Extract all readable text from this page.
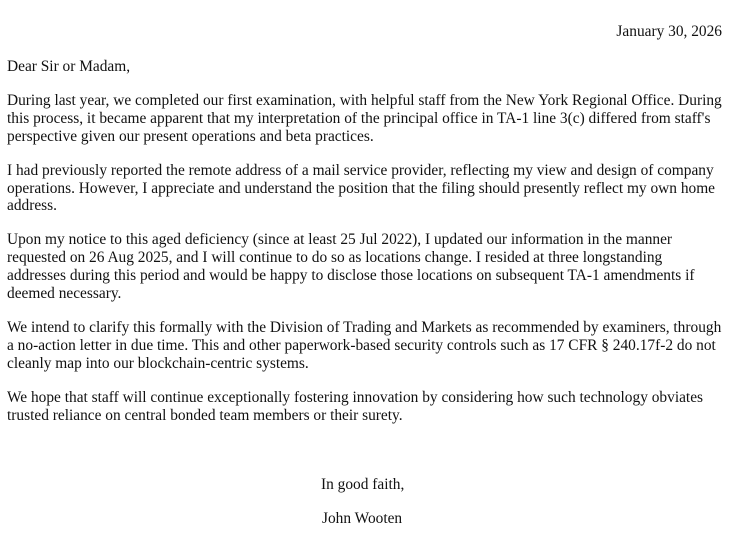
January 30, 2026

Dear Sir or Madam,

During last year, we completed our first examination, with helpful staff from the New York Regional Office. During this process, it became apparent that my interpretation of the principal office in TA-1 line 3(c) differed from staff's perspective given our present operations and beta practices.

I had previously reported the remote address of a mail service provider, reflecting my view and design of company operations. However, I appreciate and understand the position that the filing should presently reflect my own home address.

Upon my notice to this aged deficiency (since at least 25 Jul 2022), I updated our information in the manner requested on 26 Aug 2025, and I will continue to do so as locations change. I resided at three longstanding addresses during this period and would be happy to disclose those locations on subsequent TA-1 amendments if deemed necessary.

We intend to clarify this formally with the Division of Trading and Markets as recommended by examiners, through a no-action letter in due time. This and other paperwork-based security controls such as 17 CFR § 240.17f-2 do not cleanly map into our blockchain-centric systems.

We hope that staff will continue exceptionally fostering innovation by considering how such technology obviates trusted reliance on central bonded team members or their surety.

In good faith,
John Wooten
